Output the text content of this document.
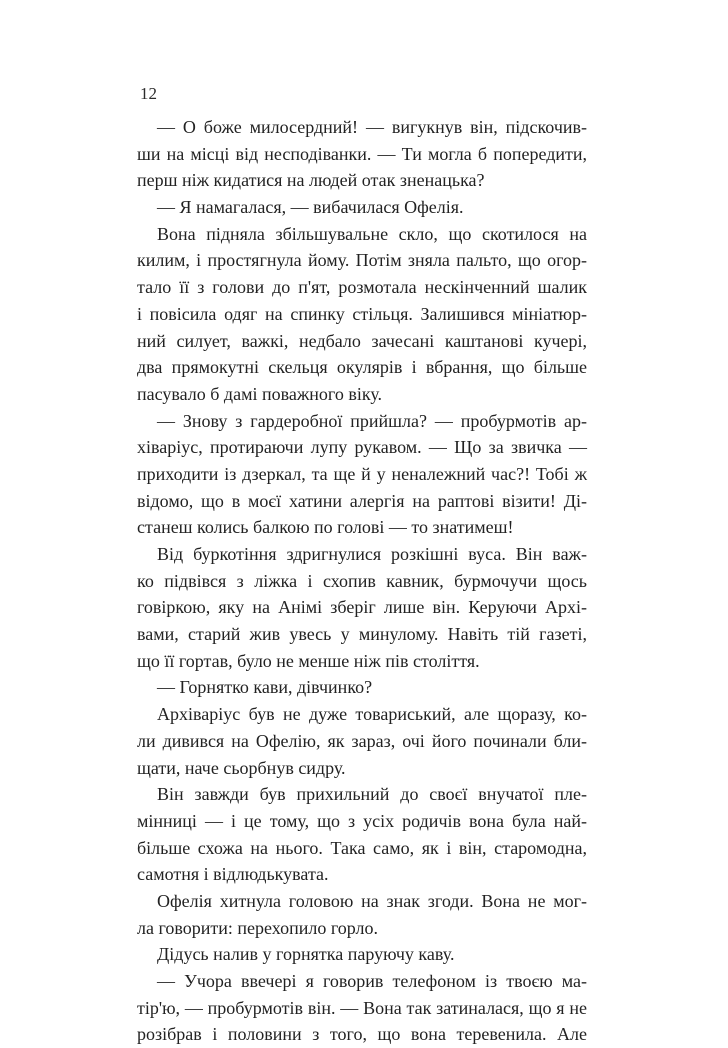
12
— О боже милосердний! — вигукнув він, підскочив-
ши на місці від несподіванки. — Ти могла б попередити,
перш ніж кидатися на людей отак зненацька?
— Я намагалася, — вибачилася Офелія.
Вона підняла збільшувальне скло, що скотилося на
килим, і простягнула йому. Потім зняла пальто, що огор-
тало її з голови до п'ят, розмотала нескінченний шалик
і повісила одяг на спинку стільця. Залишився мініатюр-
ний силует, важкі, недбало зачесані каштанові кучері,
два прямокутні скельця окулярів і вбрання, що більше
пасувало б дамі поважного віку.
— Знову з гардеробної прийшла? — пробурмотів ар-
хіваріус, протираючи лупу рукавом. — Що за звичка —
приходити із дзеркал, та ще й у неналежний час?! Тобі ж
відомо, що в моєї хатини алергія на раптові візити! Ді-
станеш колись балкою по голові — то знатимеш!
Від буркотіння здригнулися розкішні вуса. Він важ-
ко підвівся з ліжка і схопив кавник, бурмочучи щось
говіркою, яку на Анімі зберіг лише він. Керуючи Архі-
вами, старий жив увесь у минулому. Навіть тій газеті,
що її гортав, було не менше ніж пів століття.
— Горнятко кави, дівчинко?
Архіваріус був не дуже товариський, але щоразу, ко-
ли дивився на Офелію, як зараз, очі його починали бли-
щати, наче сьорбнув сидру.
Він завжди був прихильний до своєї внучатої пле-
мінниці — і це тому, що з усіх родичів вона була най-
більше схожа на нього. Така само, як і він, старомодна,
самотня і відлюдькувата.
Офелія хитнула головою на знак згоди. Вона не мог-
ла говорити: перехопило горло.
Дідусь налив у горнятка паруючу каву.
— Учора ввечері я говорив телефоном із твоєю ма-
тір'ю, — пробурмотів він. — Вона так затиналася, що я не
розібрав і половини з того, що вона теревенила. Але
